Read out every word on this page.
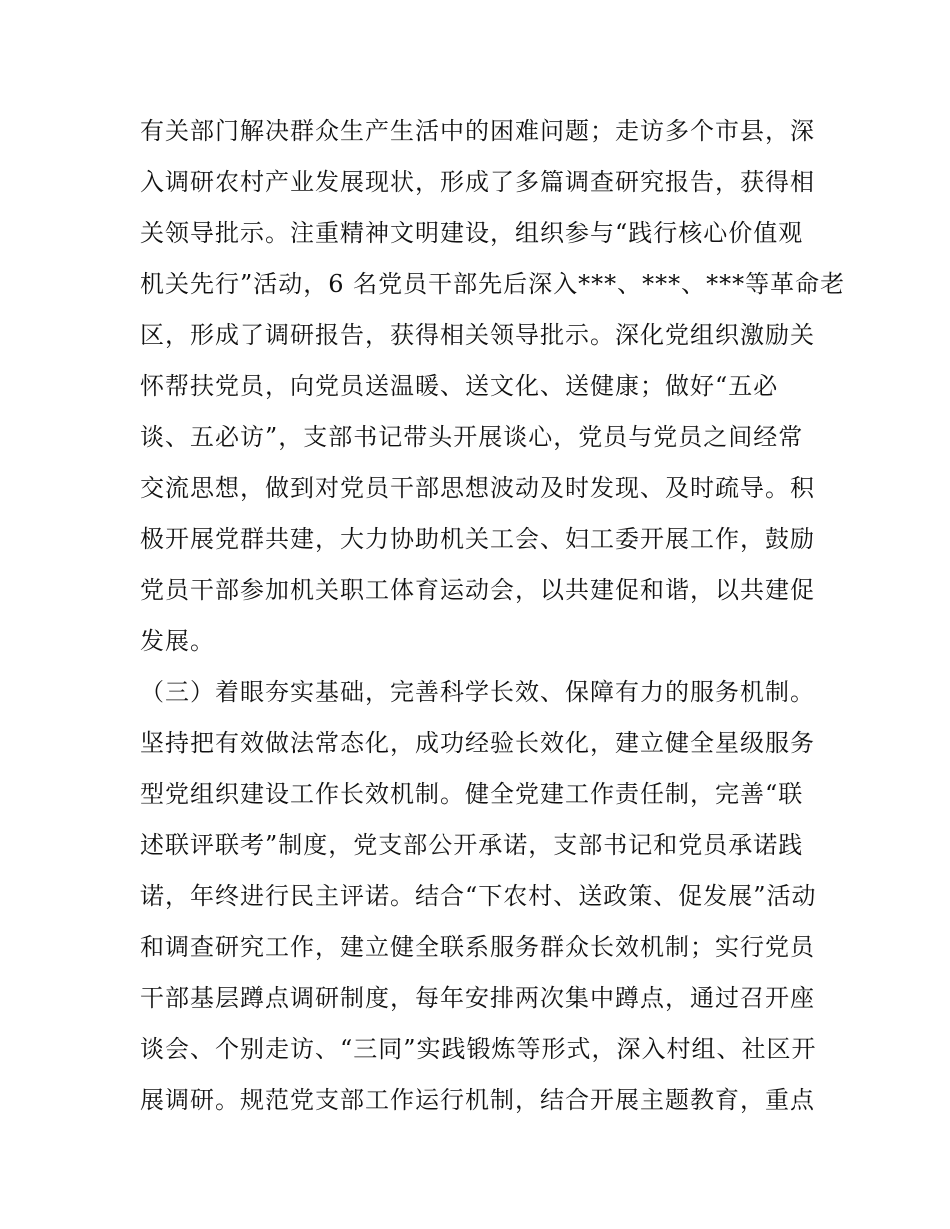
有关部门解决群众生产生活中的困难问题；走访多个市县，深
入调研农村产业发展现状，形成了多篇调查研究报告，获得相
关领导批示。注重精神文明建设，组织参与“践行核心价值观
机关先行”活动，6 名党员干部先后深入***、***、***等革命老
区，形成了调研报告，获得相关领导批示。深化党组织激励关
怀帮扶党员，向党员送温暖、送文化、送健康；做好“五必
谈、五必访”，支部书记带头开展谈心，党员与党员之间经常
交流思想，做到对党员干部思想波动及时发现、及时疏导。积
极开展党群共建，大力协助机关工会、妇工委开展工作，鼓励
党员干部参加机关职工体育运动会，以共建促和谐，以共建促
发展。
（三）着眼夯实基础，完善科学长效、保障有力的服务机制。
坚持把有效做法常态化，成功经验长效化，建立健全星级服务
型党组织建设工作长效机制。健全党建工作责任制，完善“联
述联评联考”制度，党支部公开承诺，支部书记和党员承诺践
诺，年终进行民主评诺。结合“下农村、送政策、促发展”活动
和调查研究工作，建立健全联系服务群众长效机制；实行党员
干部基层蹲点调研制度，每年安排两次集中蹲点，通过召开座
谈会、个别走访、“三同”实践锻炼等形式，深入村组、社区开
展调研。规范党支部工作运行机制，结合开展主题教育，重点
